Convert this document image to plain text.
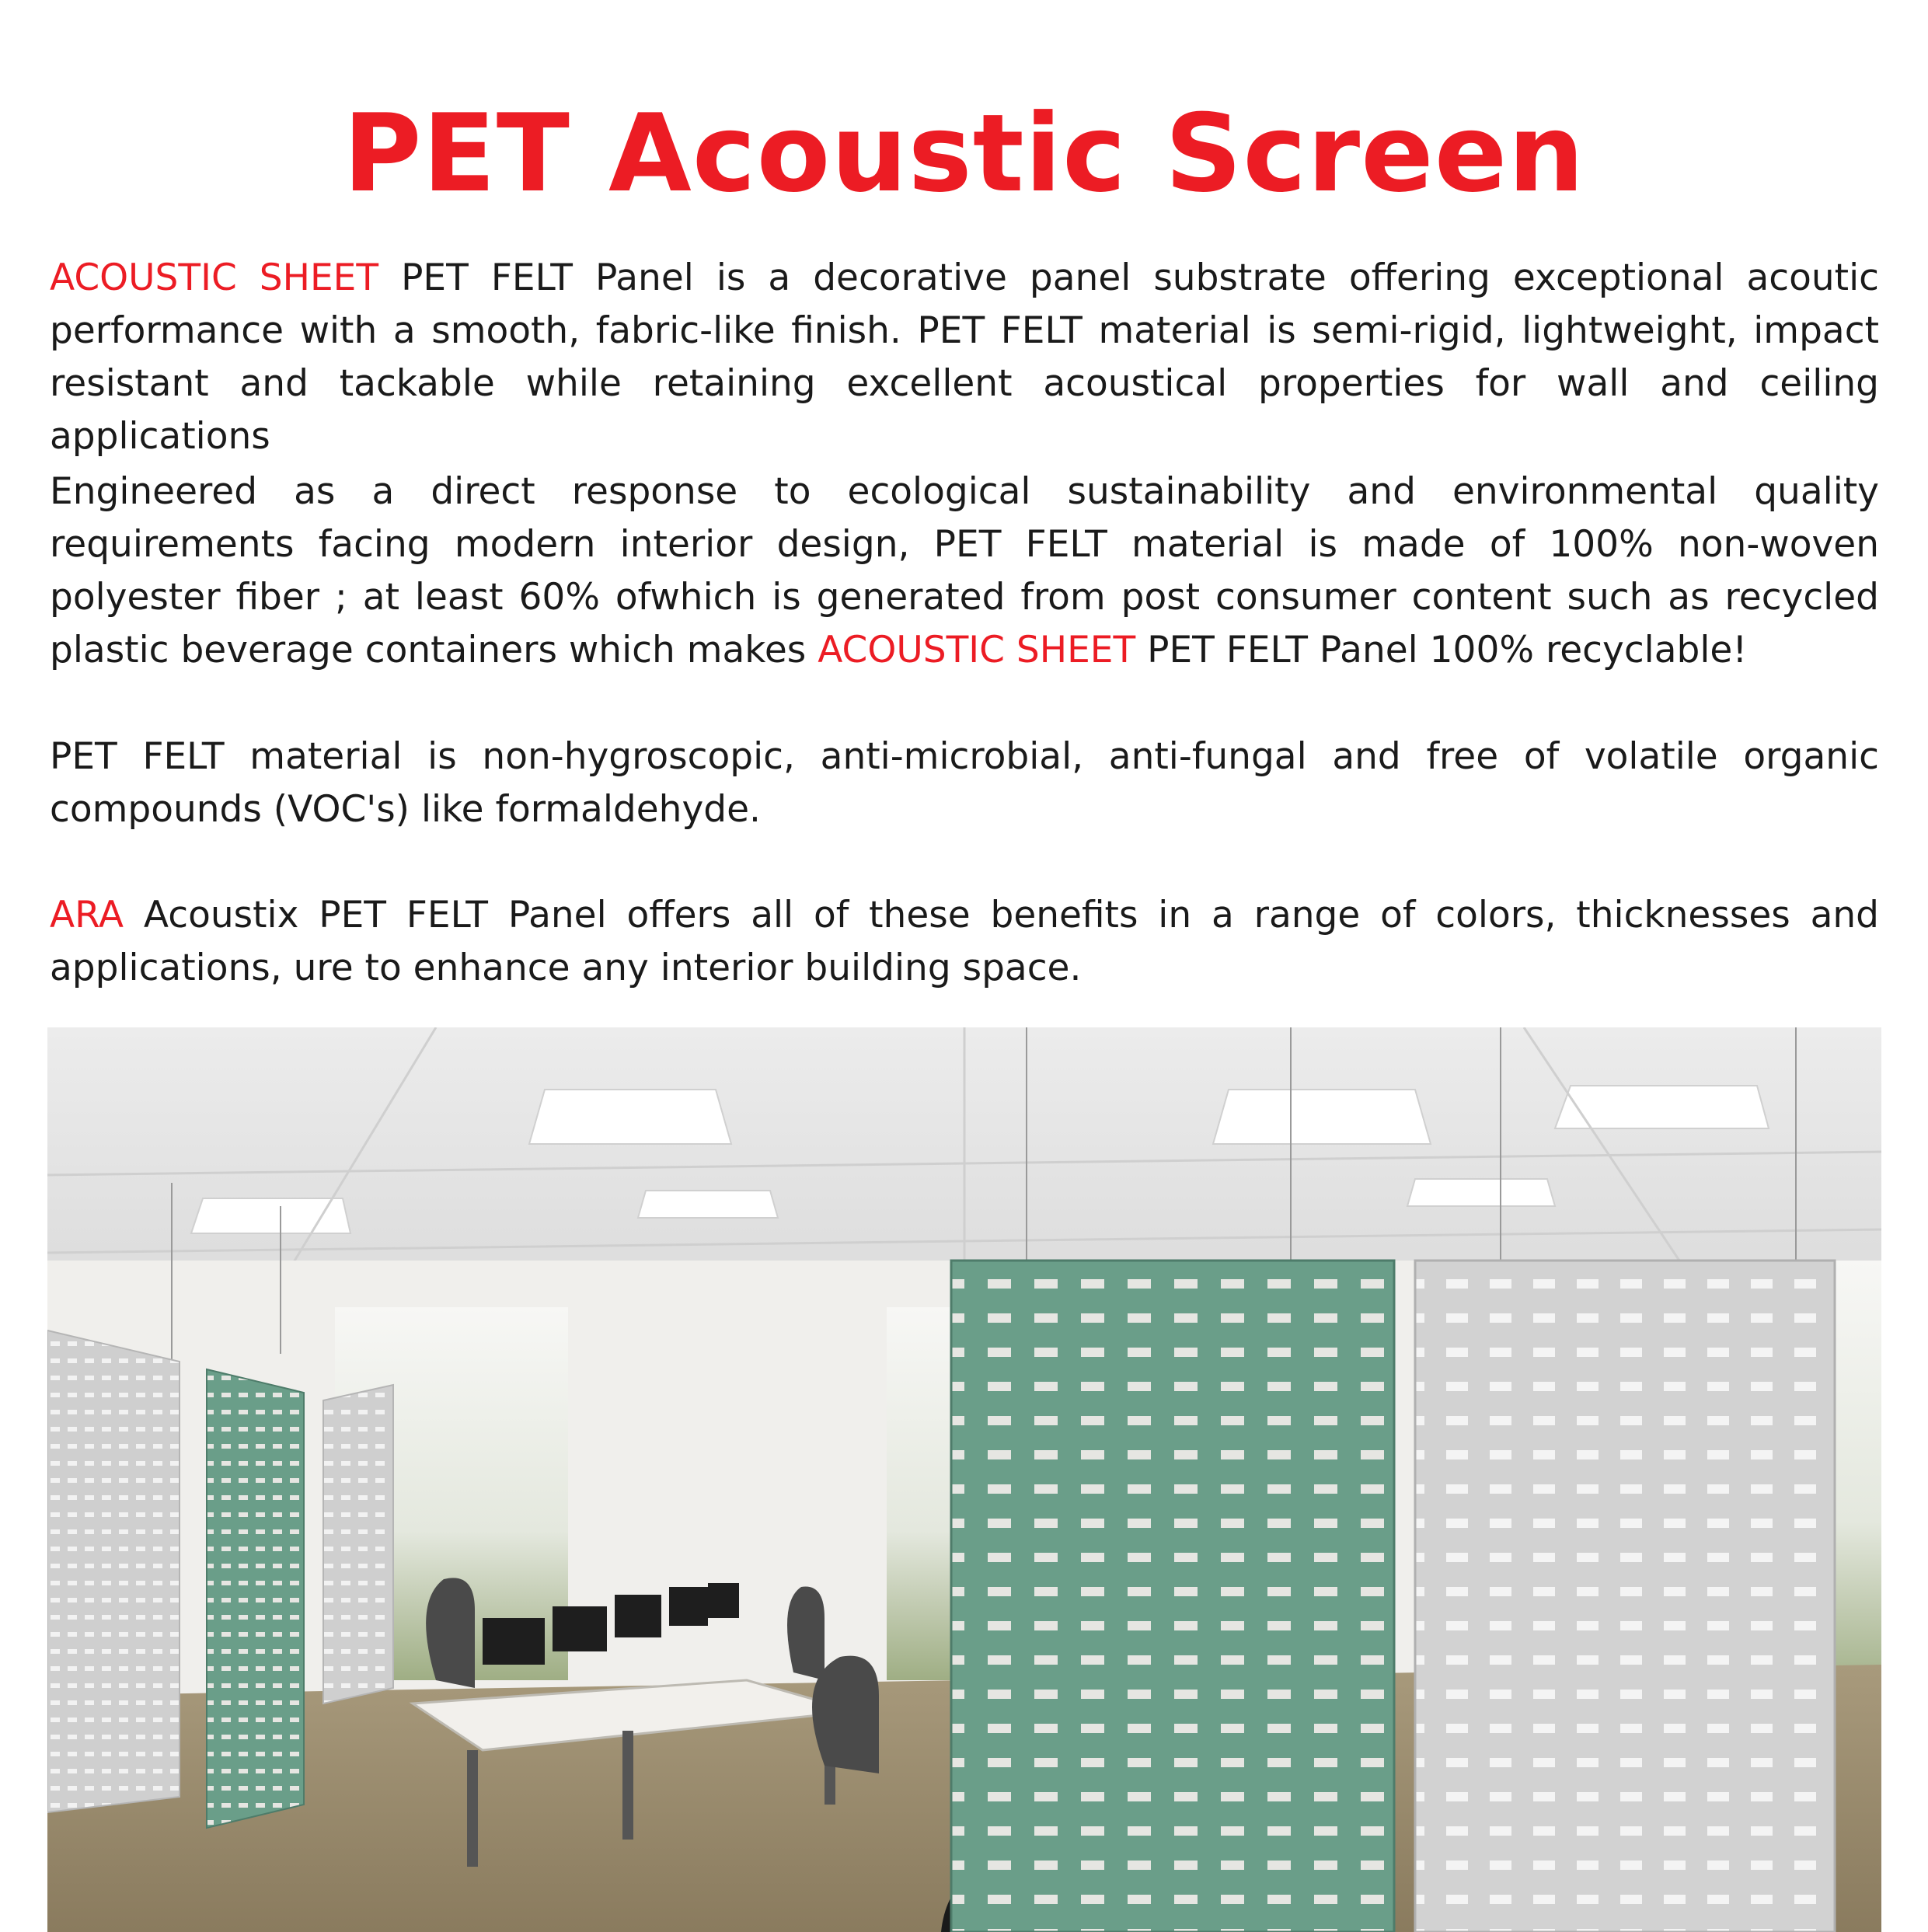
PET Acoustic Screen

ACOUSTIC SHEET PET FELT Panel is a decorative panel substrate offering exceptional acoutic performance with a smooth, fabric-like finish. PET FELT material is semi-rigid, lightweight, impact resistant and tackable while retaining excellent acoustical properties for wall and ceiling applications

Engineered as a direct response to ecological sustainability and environmental quality requirements facing modern interior design, PET FELT material is made of 100% non-woven polyester fiber ; at least 60% ofwhich is generated from post consumer content such as recycled plastic beverage containers which makes ACOUSTIC SHEET PET FELT Panel 100% recyclable!

PET FELT material is non-hygroscopic, anti-microbial, anti-fungal and free of volatile organic compounds (VOC's) like formaldehyde.

ARA Acoustix PET FELT Panel offers all of these benefits in a range of colors, thicknesses and applications, ure to enhance any interior building space.
